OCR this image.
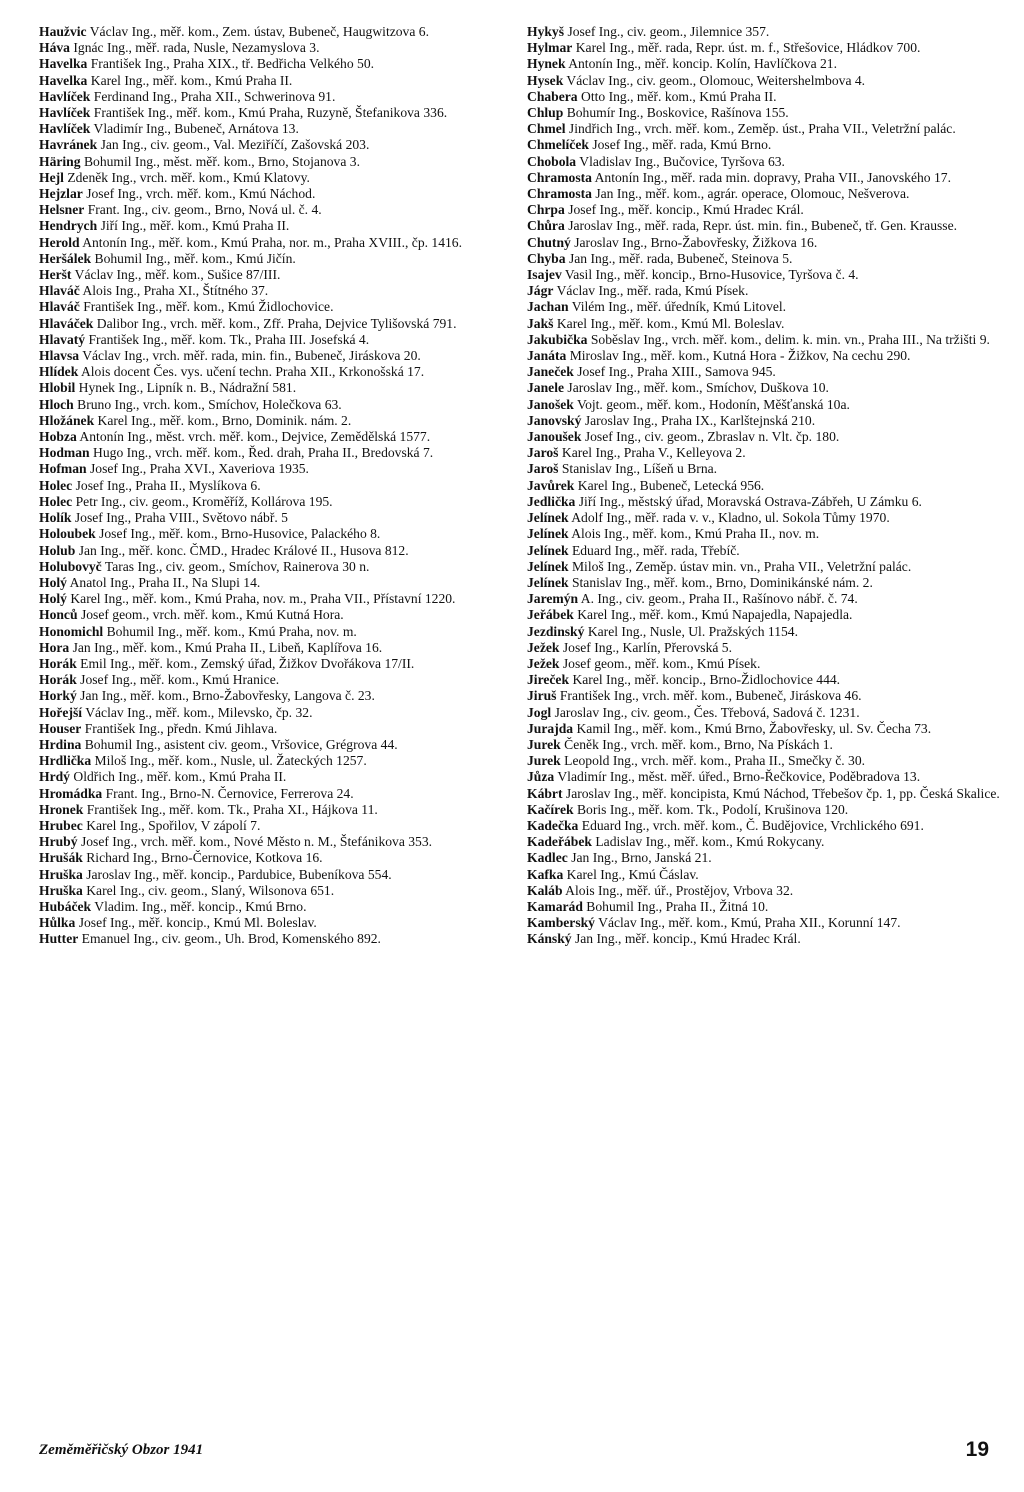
Haužvic Václav Ing., měř. kom., Zem. ústav, Bubeneč, Haugwitzova 6.

Háva Ignác Ing., měř. rada, Nusle, Nezamyslova 3.

Havelka František Ing., Praha XIX., tř. Bedřicha Velkého 50.

Havelka Karel Ing., měř. kom., Kmú Praha II.

Havlíček Ferdinand Ing., Praha XII., Schwerinova 91.

Havlíček František Ing., měř. kom., Kmú Praha, Ruzyně, Štefanikova 336.

Havlíček Vladimír Ing., Bubeneč, Arnátova 13.

Havránek Jan Ing., civ. geom., Val. Meziříčí, Zašovská 203.

Häring Bohumil Ing., měst. měř. kom., Brno, Stojanova 3.

Hejl Zdeněk Ing., vrch. měř. kom., Kmú Klatovy.

Hejzlar Josef Ing., vrch. měř. kom., Kmú Náchod.

Helsner Frant. Ing., civ. geom., Brno, Nová ul. č. 4.

Hendrych Jiří Ing., měř. kom., Kmú Praha II.

Herold Antonín Ing., měř. kom., Kmú Praha, nor. m., Praha XVIII., čp. 1416.

Heršálek Bohumil Ing., měř. kom., Kmú Jičín.

Heršt Václav Ing., měř. kom., Sušice 87/III.

Hlaváč Alois Ing., Praha XI., Štítného 37.

Hlaváč František Ing., měř. kom., Kmú Židlochovice.

Hlaváček Dalibor Ing., vrch. měř. kom., Zfř. Praha, Dejvice Tylišovská 791.

Hlavatý František Ing., měř. kom. Tk., Praha III. Josefská 4.

Hlavsa Václav Ing., vrch. měř. rada, min. fin., Bubeneč, Jiráskova 20.

Hlídek Alois docent Čes. vys. učení techn. Praha XII., Krkonošská 17.

Hlobil Hynek Ing., Lipník n. B., Nádražní 581.

Hloch Bruno Ing., vrch. kom., Smíchov, Holečkova 63.

Hložánek Karel Ing., měř. kom., Brno, Dominik. nám. 2.

Hobza Antonín Ing., měst. vrch. měř. kom., Dejvice, Zemědělská 1577.

Hodman Hugo Ing., vrch. měř. kom., Řed. drah, Praha II., Bredovská 7.

Hofman Josef Ing., Praha XVI., Xaveriova 1935.

Holec Josef Ing., Praha II., Myslíkova 6.

Holec Petr Ing., civ. geom., Kroměříž, Kollárova 195.

Holík Josef Ing., Praha VIII., Světovo nábř. 5

Holoubek Josef Ing., měř. kom., Brno-Husovice, Palackého 8.

Holub Jan Ing., měř. konc. ČMD., Hradec Králové II., Husova 812.

Holubovyč Taras Ing., civ. geom., Smíchov, Rainerova 30 n.

Holý Anatol Ing., Praha II., Na Slupi 14.

Holý Karel Ing., měř. kom., Kmú Praha, nov. m., Praha VII., Přístavní 1220.

Honců Josef geom., vrch. měř. kom., Kmú Kutná Hora.

Honomichl Bohumil Ing., měř. kom., Kmú Praha, nov. m.

Hora Jan Ing., měř. kom., Kmú Praha II., Libeň, Kaplířova 16.

Horák Emil Ing., měř. kom., Zemský úřad, Žižkov Dvořákova 17/II.

Horák Josef Ing., měř. kom., Kmú Hranice.

Horký Jan Ing., měř. kom., Brno-Žabovřesky, Langova č. 23.

Hořejší Václav Ing., měř. kom., Milevsko, čp. 32.

Houser František Ing., předn. Kmú Jihlava.

Hrdina Bohumil Ing., asistent civ. geom., Vršovice, Grégrova 44.

Hrdlička Miloš Ing., měř. kom., Nusle, ul. Žateckých 1257.

Hrdý Oldřich Ing., měř. kom., Kmú Praha II.

Hromádka Frant. Ing., Brno-N. Černovice, Ferrerova 24.

Hronek František Ing., měř. kom. Tk., Praha XI., Hájkova 11.

Hrubec Karel Ing., Spořilov, V zápolí 7.

Hrubý Josef Ing., vrch. měř. kom., Nové Město n. M., Štefánikova 353.

Hrušák Richard Ing., Brno-Černovice, Kotkova 16.

Hruška Jaroslav Ing., měř. koncip., Pardubice, Bubeníkova 554.

Hruška Karel Ing., civ. geom., Slaný, Wilsonova 651.

Hubáček Vladim. Ing., měř. koncip., Kmú Brno.

Hůlka Josef Ing., měř. koncip., Kmú Ml. Boleslav.

Hutter Emanuel Ing., civ. geom., Uh. Brod, Komenského 892.

Hykyš Josef Ing., civ. geom., Jilemnice 357.

Hylmar Karel Ing., měř. rada, Repr. úst. m. f., Střešovice, Hládkov 700.

Hynek Antonín Ing., měř. koncip. Kolín, Havlíčkova 21.

Hysek Václav Ing., civ. geom., Olomouc, Weitershelmbova 4.

Chabera Otto Ing., měř. kom., Kmú Praha II.

Chlup Bohumír Ing., Boskovice, Rašínova 155.

Chmel Jindřich Ing., vrch. měř. kom., Zeměp. úst., Praha VII., Veletržní palác.

Chmelíček Josef Ing., měř. rada, Kmú Brno.

Chobola Vladislav Ing., Bučovice, Tyršova 63.

Chramosta Antonín Ing., měř. rada min. dopravy, Praha VII., Janovského 17.

Chramosta Jan Ing., měř. kom., agrár. operace, Olomouc, Nešverova.

Chrpa Josef Ing., měř. koncip., Kmú Hradec Král.

Chůra Jaroslav Ing., měř. rada, Repr. úst. min. fin., Bubeneč, tř. Gen. Krausse.

Chutný Jaroslav Ing., Brno-Žabovřesky, Žižkova 16.

Chyba Jan Ing., měř. rada, Bubeneč, Steinova 5.

Isajev Vasil Ing., měř. koncip., Brno-Husovice, Tyršova č. 4.

Jágr Václav Ing., měř. rada, Kmú Písek.

Jachan Vilém Ing., měř. úředník, Kmú Litovel.

Jakš Karel Ing., měř. kom., Kmú Ml. Boleslav.

Jakubička Soběslav Ing., vrch. měř. kom., delim. k. min. vn., Praha III., Na tržišti 9.

Janáta Miroslav Ing., měř. kom., Kutná Hora - Žižkov, Na cechu 290.

Janeček Josef Ing., Praha XIII., Samova 945.

Janele Jaroslav Ing., měř. kom., Smíchov, Duškova 10.

Janošek Vojt. geom., měř. kom., Hodonín, Měšťanská 10a.

Janovský Jaroslav Ing., Praha IX., Karlštejnská 210.

Janoušek Josef Ing., civ. geom., Zbraslav n. Vlt. čp. 180.

Jaroš Karel Ing., Praha V., Kelleyova 2.

Jaroš Stanislav Ing., Líšeň u Brna.

Javůrek Karel Ing., Bubeneč, Letecká 956.

Jedlička Jiří Ing., městský úřad, Moravská Ostrava-Zábřeh, U Zámku 6.

Jelínek Adolf Ing., měř. rada v. v., Kladno, ul. Sokola Tůmy 1970.

Jelínek Alois Ing., měř. kom., Kmú Praha II., nov. m.

Jelínek Eduard Ing., měř. rada, Třebíč.

Jelínek Miloš Ing., Zeměp. ústav min. vn., Praha VII., Veletržní palác.

Jelínek Stanislav Ing., měř. kom., Brno, Dominikánské nám. 2.

Jaremýn A. Ing., civ. geom., Praha II., Rašínovo nábř. č. 74.

Jeřábek Karel Ing., měř. kom., Kmú Napajedla, Napajedla.

Jezdinský Karel Ing., Nusle, Ul. Pražských 1154.

Ježek Josef Ing., Karlín, Přerovská 5.

Ježek Josef geom., měř. kom., Kmú Písek.

Jireček Karel Ing., měř. koncip., Brno-Židlochovice 444.

Jiruš František Ing., vrch. měř. kom., Bubeneč, Jiráskova 46.

Jogl Jaroslav Ing., civ. geom., Čes. Třebová, Sadová č. 1231.

Jurajda Kamil Ing., měř. kom., Kmú Brno, Žabovřesky, ul. Sv. Čecha 73.

Jurek Čeněk Ing., vrch. měř. kom., Brno, Na Pískách 1.

Jurek Leopold Ing., vrch. měř. kom., Praha II., Smečky č. 30.

Jůza Vladimír Ing., měst. měř. úřed., Brno-Řečkovice, Poděbradova 13.

Kábrt Jaroslav Ing., měř. koncipista, Kmú Náchod, Třebešov čp. 1, pp. Česká Skalice.

Kačírek Boris Ing., měř. kom. Tk., Podolí, Krušinova 120.

Kadečka Eduard Ing., vrch. měř. kom., Č. Budějovice, Vrchlického 691.

Kadeřábek Ladislav Ing., měř. kom., Kmú Rokycany.

Kadlec Jan Ing., Brno, Janská 21.

Kafka Karel Ing., Kmú Čáslav.

Kaláb Alois Ing., měř. úř., Prostějov, Vrbova 32.

Kamarád Bohumil Ing., Praha II., Žitná 10.

Kamberský Václav Ing., měř. kom., Kmú, Praha XII., Korunní 147.

Kánský Jan Ing., měř. koncip., Kmú Hradec Král.

Zeměměřičský Obzor 1941	19
